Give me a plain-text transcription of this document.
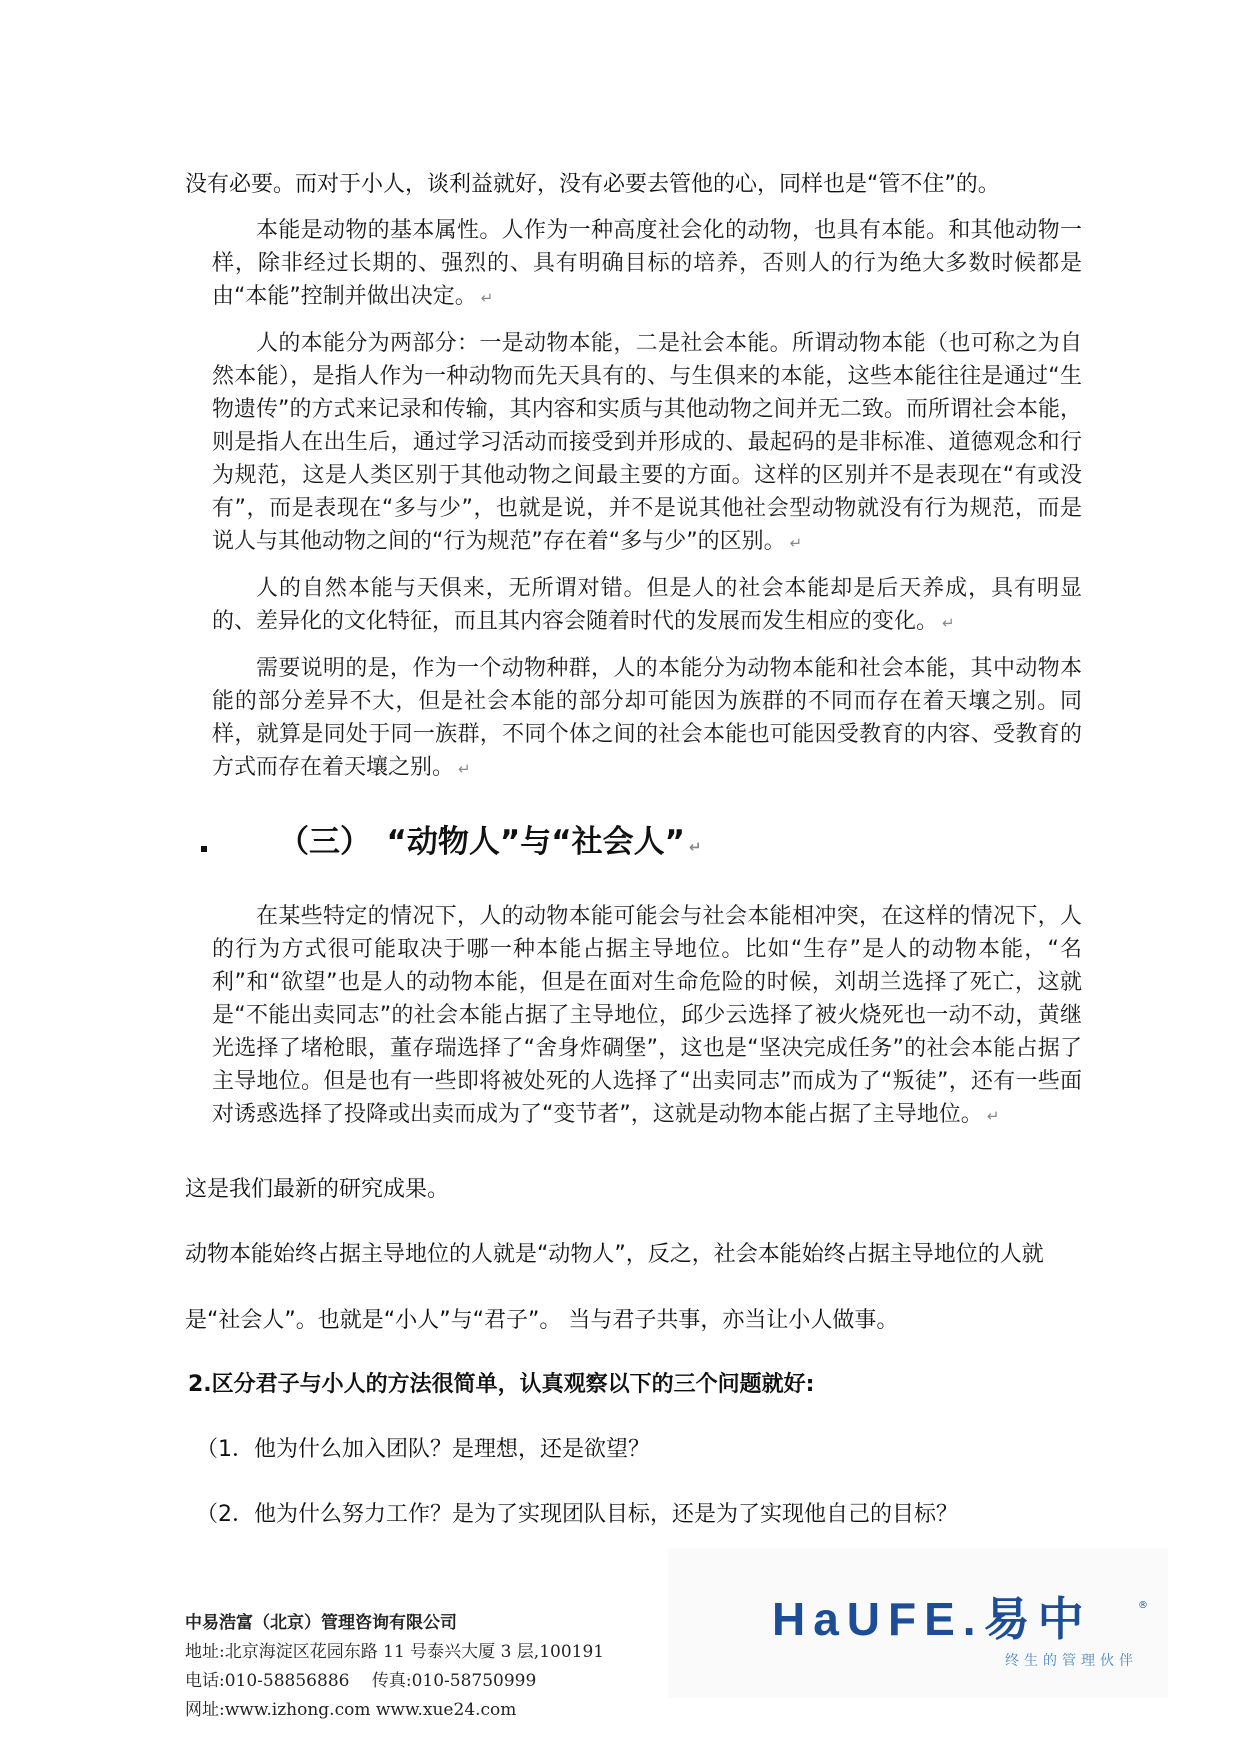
没有必要。而对于小人，谈利益就好，没有必要去管他的心，同样也是“管不住”的。

本能是动物的基本属性。人作为一种高度社会化的动物，也具有本能。和其他动物一样，除非经过长期的、强烈的、具有明确目标的培养，否则人的行为绝大多数时候都是由“本能”控制并做出决定。 ↵

人的本能分为两部分：一是动物本能，二是社会本能。所谓动物本能（也可称之为自然本能），是指人作为一种动物而先天具有的、与生俱来的本能，这些本能往往是通过“生物遗传”的方式来记录和传输，其内容和实质与其他动物之间并无二致。而所谓社会本能，则是指人在出生后，通过学习活动而接受到并形成的、最起码的是非标准、道德观念和行为规范，这是人类区别于其他动物之间最主要的方面。这样的区别并不是表现在“有或没有”，而是表现在“多与少”，也就是说，并不是说其他社会型动物就没有行为规范，而是说人与其他动物之间的“行为规范”存在着“多与少”的区别。 ↵

人的自然本能与天俱来，无所谓对错。但是人的社会本能却是后天养成，具有明显的、差异化的文化特征，而且其内容会随着时代的发展而发生相应的变化。 ↵

需要说明的是，作为一个动物种群，人的本能分为动物本能和社会本能，其中动物本能的部分差异不大，但是社会本能的部分却可能因为族群的不同而存在着天壤之别。同样，就算是同处于同一族群，不同个体之间的社会本能也可能因受教育的内容、受教育的方式而存在着天壤之别。 ↵

（三）　“动物人”与“社会人” ↵

在某些特定的情况下，人的动物本能可能会与社会本能相冲突，在这样的情况下，人的行为方式很可能取决于哪一种本能占据主导地位。比如“生存”是人的动物本能，“名利”和“欲望”也是人的动物本能，但是在面对生命危险的时候，刘胡兰选择了死亡，这就是“不能出卖同志”的社会本能占据了主导地位，邱少云选择了被火烧死也一动不动，黄继光选择了堵枪眼，董存瑞选择了“舍身炸碉堡”，这也是“坚决完成任务”的社会本能占据了主导地位。但是也有一些即将被处死的人选择了“出卖同志”而成为了“叛徒”，还有一些面对诱惑选择了投降或出卖而成为了“变节者”，这就是动物本能占据了主导地位。 ↵

这是我们最新的研究成果。
动物本能始终占据主导地位的人就是“动物人”，反之，社会本能始终占据主导地位的人就
是“社会人”。也就是“小人”与“君子”。 当与君子共事，亦当让小人做事。
2.区分君子与小人的方法很简单，认真观察以下的三个问题就好:
（1．他为什么加入团队？是理想，还是欲望？
（2．他为什么努力工作？是为了实现团队目标，还是为了实现他自己的目标？
HaUFE.易中	®
终生的管理伙伴
中易浩富（北京）管理咨询有限公司
地址:北京海淀区花园东路 11 号泰兴大厦 3 层,100191
电话:010-58856886　 传真:010-58750999
网址:www.izhong.com www.xue24.com
